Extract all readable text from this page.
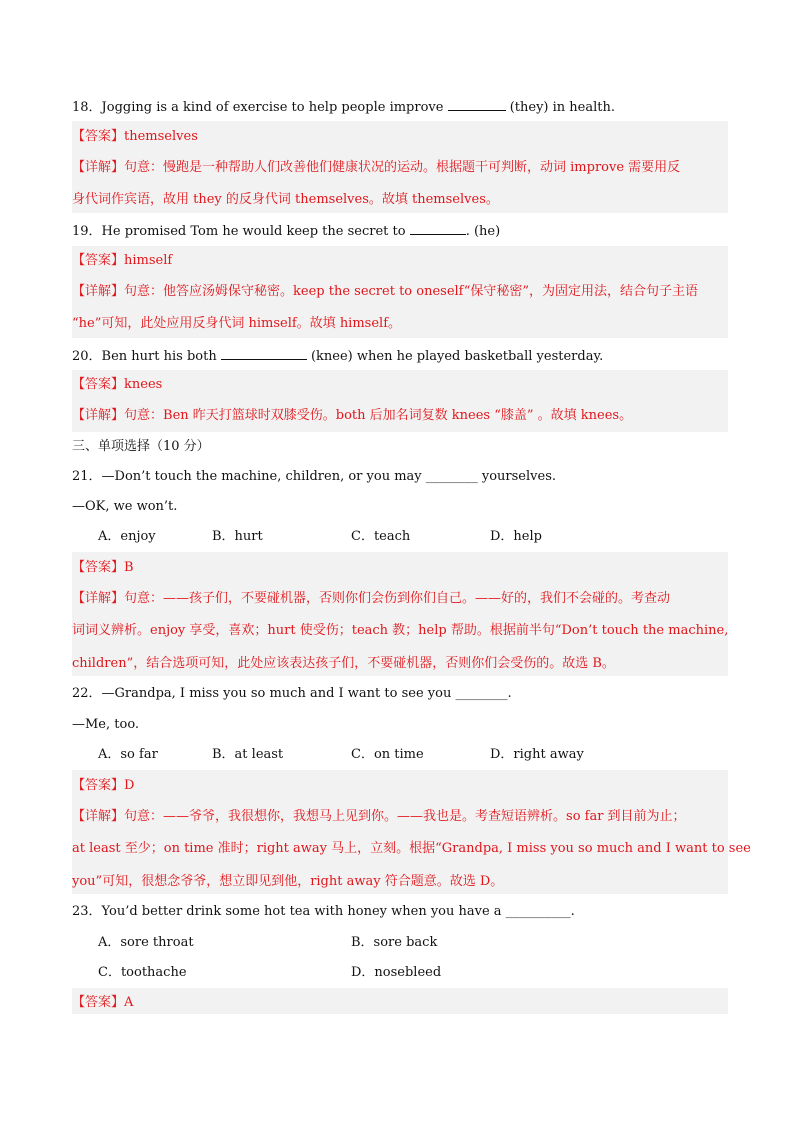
18．Jogging is a kind of exercise to help people improve	(they) in health.
【答案】themselves
【详解】句意：慢跑是一种帮助人们改善他们健康状况的运动。根据题干可判断，动词 improve 需要用反
身代词作宾语，故用 they 的反身代词 themselves。故填 themselves。
19．He promised Tom he would keep the secret to	. (he)
【答案】himself
【详解】句意：他答应汤姆保守秘密。keep the secret to oneself“保守秘密”，为固定用法，结合句子主语
“he”可知，此处应用反身代词 himself。故填 himself。
20．Ben hurt his both	(knee) when he played basketball yesterday.
【答案】knees
【详解】句意：Ben 昨天打篮球时双膝受伤。both 后加名词复数 knees “膝盖” 。故填 knees。
三、单项选择（10 分）
21．—Don’t touch the machine, children, or you may ________ yourselves.
—OK, we won’t.
A．enjoy	B．hurt	C．teach	D．help
【答案】B
【详解】句意：——孩子们，不要碰机器，否则你们会伤到你们自己。——好的，我们不会碰的。考查动
词词义辨析。enjoy 享受，喜欢；hurt 使受伤；teach 教；help 帮助。根据前半句“Don’t touch the machine,
children”，结合选项可知，此处应该表达孩子们，不要碰机器，否则你们会受伤的。故选 B。
22．—Grandpa, I miss you so much and I want to see you ________.
—Me, too.
A．so far	B．at least	C．on time	D．right away
【答案】D
【详解】句意：——爷爷，我很想你，我想马上见到你。——我也是。考查短语辨析。so far 到目前为止；
at least 至少；on time 准时；right away 马上，立刻。根据“Grandpa, I miss you so much and I want to see
you”可知，很想念爷爷，想立即见到他，right away 符合题意。故选 D。
23．You’d better drink some hot tea with honey when you have a __________.
A．sore throat	B．sore back
C．toothache	D．nosebleed
【答案】A
